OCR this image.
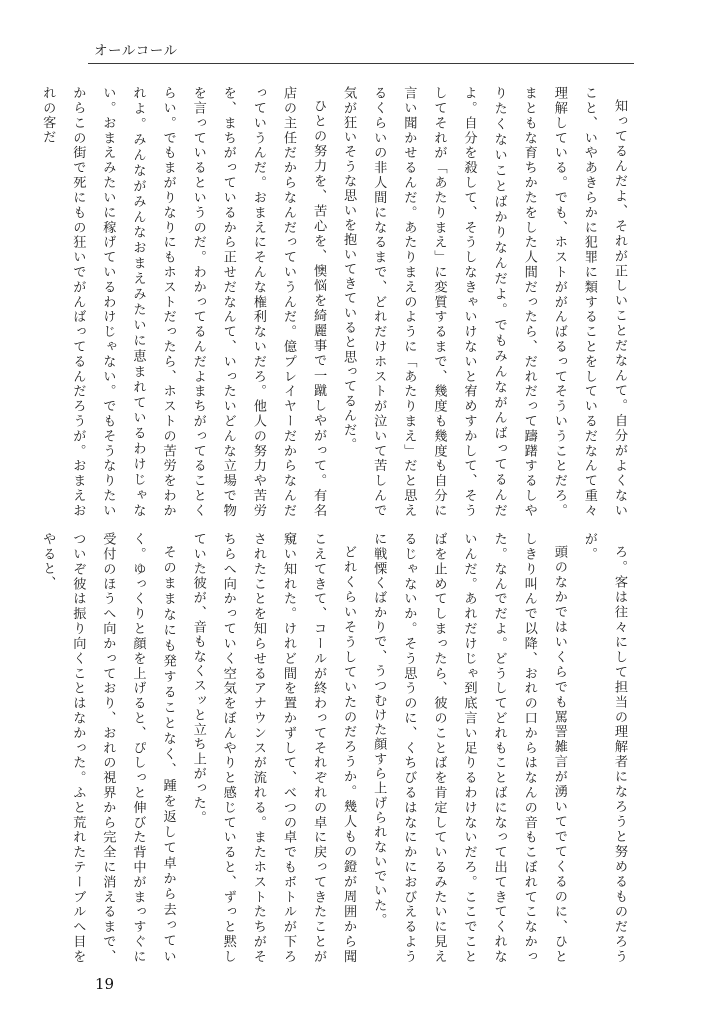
オールコール

知ってるんだよ、それが正しいことだなんて。自分がよくないこと、いやあきらかに犯罪に類することをしているだなんて重々理解している。でも、ホストががんばるってそういうことだろ。まともな育ちかたをした人間だったら、だれだって躊躇するしやりたくないことばかりなんだよ。でもみんながんばってるんだよ。自分を殺して、そうしなきゃいけないと宥めすかして、そうしてそれが「あたりまえ」に変質するまで、幾度も幾度も自分に言い聞かせるんだ。あたりまえのように「あたりまえ」だと思えるくらいの非人間になるまで、どれだけホストが泣いて苦しんで気が狂いそうな思いを抱いてきていると思ってるんだ。

ひとの努力を、苦心を、懊悩を綺麗事で一蹴しやがって。有名店の主任だからなんだっていうんだ。億プレイヤーだからなんだっていうんだ。おまえにそんな権利ないだろ。他人の努力や苦労を、まちがっているから正せだなんて、いったいどんな立場で物を言っているというのだ。わかってるんだよまちがってることくらい。でもまがりなりにもホストだったら、ホストの苦労をわかれよ。みんながみんなおまえみたいに恵まれているわけじゃない。おまえみたいに稼げているわけじゃない。でもそうなりたいからこの街で死にもの狂いでがんばってるんだろうが。おまえおれの客だ

ろ。客は往々にして担当の理解者になろうと努めるものだろうが。

頭のなかではいくらでも罵詈雑言が湧いてでてくるのに、ひとしきり叫んで以降、おれの口からはなんの音もこぼれてこなかった。なんでだよ。どうしてどれもことばになって出てきてくれないんだ。あれだけじゃ到底言い足りるわけないだろ。ここでことばを止めてしまったら、彼のことばを肯定しているみたいに見えるじゃないか。そう思うのに、くちびるはなにかにおびえるように戦慄くばかりで、うつむけた顔すら上げられないでいた。

どれくらいそうしていたのだろうか。幾人もの鐙が周囲から聞こえてきて、コールが終わってそれぞれの卓に戻ってきたことが窺い知れた。けれど間を置かずして、べつの卓でもボトルが下ろされたことを知らせるアナウンスが流れる。またホストたちがそちらへ向かっていく空気をぼんやりと感じていると、ずっと黙していた彼が、音もなくスッと立ち上がった。

そのままなにも発することなく、踵を返して卓から去っていく。ゆっくりと顔を上げると、ぴしっと伸びた背中がまっすぐに受付のほうへ向かっており、おれの視界から完全に消えるまで、ついぞ彼は振り向くことはなかった。ふと荒れたテーブルへ目をやると、

19
